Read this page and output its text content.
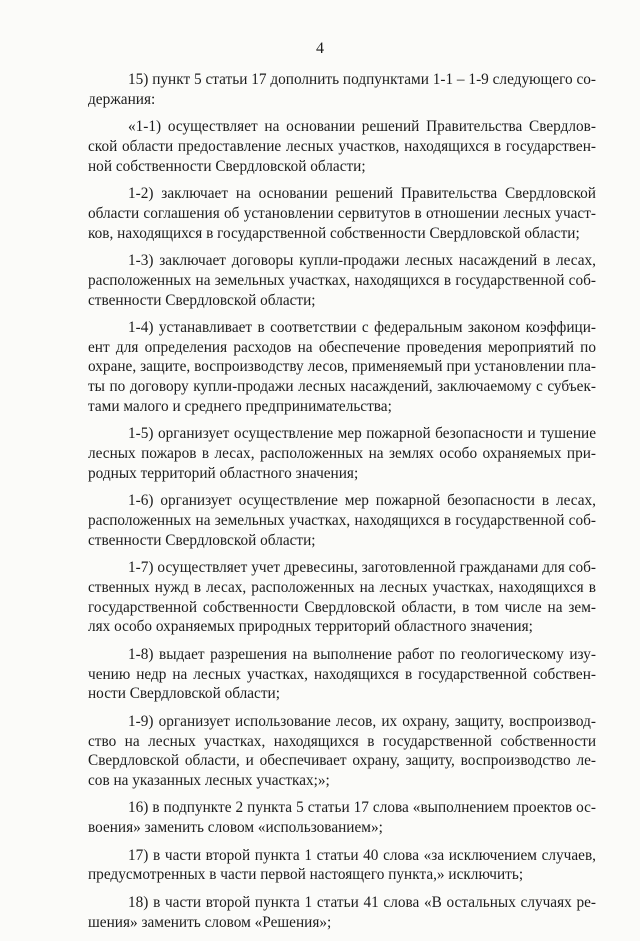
4
15) пункт 5 статьи 17 дополнить подпунктами 1-1 – 1-9 следующего со-
держания:
«1-1) осуществляет на основании решений Правительства Свердлов-
ской области предоставление лесных участков, находящихся в государствен-
ной собственности Свердловской области;
1-2) заключает на основании решений Правительства Свердловской
области соглашения об установлении сервитутов в отношении лесных участ-
ков, находящихся в государственной собственности Свердловской области;
1-3) заключает договоры купли-продажи лесных насаждений в лесах,
расположенных на земельных участках, находящихся в государственной соб-
ственности Свердловской области;
1-4) устанавливает в соответствии с федеральным законом коэффици-
ент для определения расходов на обеспечение проведения мероприятий по
охране, защите, воспроизводству лесов, применяемый при установлении пла-
ты по договору купли-продажи лесных насаждений, заключаемому с субъек-
тами малого и среднего предпринимательства;
1-5) организует осуществление мер пожарной безопасности и тушение
лесных пожаров в лесах, расположенных на землях особо охраняемых при-
родных территорий областного значения;
1-6) организует осуществление мер пожарной безопасности в лесах,
расположенных на земельных участках, находящихся в государственной соб-
ственности Свердловской области;
1-7) осуществляет учет древесины, заготовленной гражданами для соб-
ственных нужд в лесах, расположенных на лесных участках, находящихся в
государственной собственности Свердловской области, в том числе на зем-
лях особо охраняемых природных территорий областного значения;
1-8) выдает разрешения на выполнение работ по геологическому изу-
чению недр на лесных участках, находящихся в государственной собствен-
ности Свердловской области;
1-9) организует использование лесов, их охрану, защиту, воспроизвод-
ство на лесных участках, находящихся в государственной собственности
Свердловской области, и обеспечивает охрану, защиту, воспроизводство ле-
сов на указанных лесных участках;»;
16) в подпункте 2 пункта 5 статьи 17 слова «выполнением проектов ос-
воения» заменить словом «использованием»;
17) в части второй пункта 1 статьи 40 слова «за исключением случаев,
предусмотренных в части первой настоящего пункта,» исключить;
18) в части второй пункта 1 статьи 41 слова «В остальных случаях ре-
шения» заменить словом «Решения»;
